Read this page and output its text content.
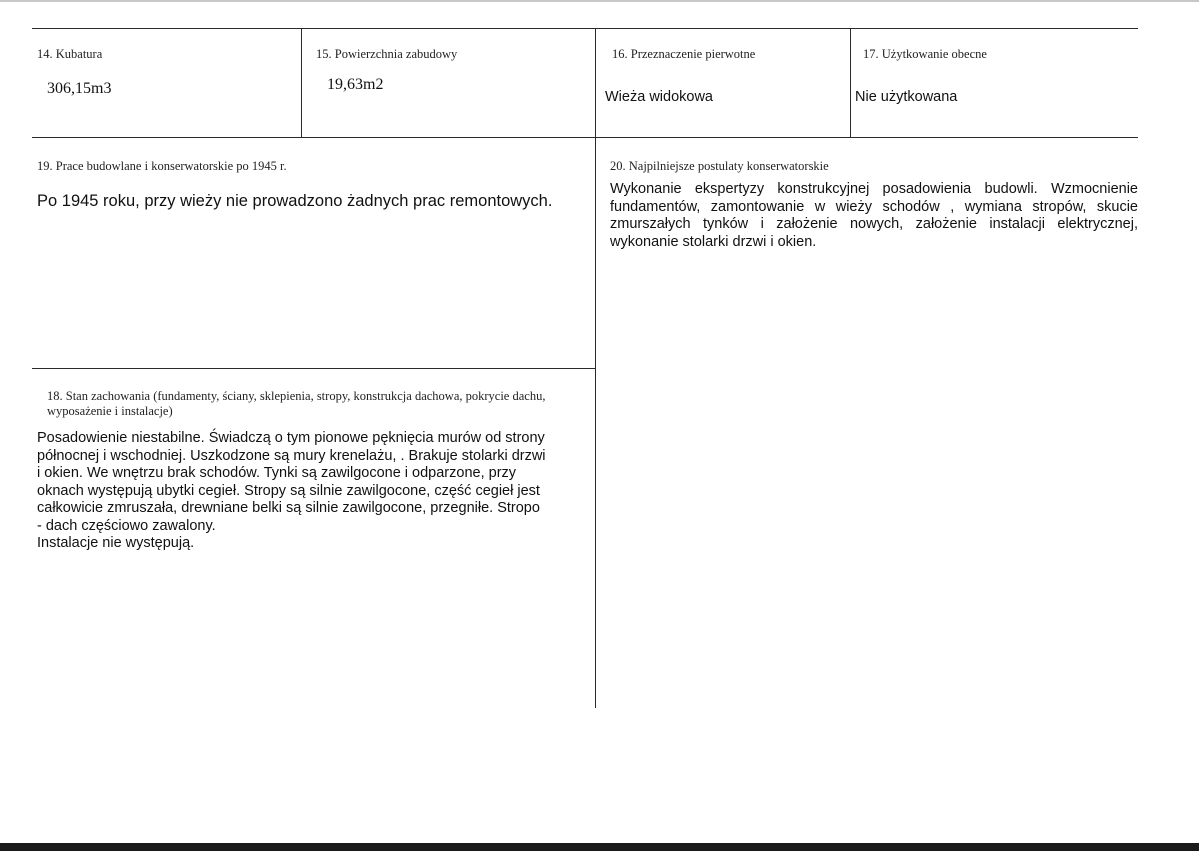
14. Kubatura
306,15m3
15. Powierzchnia zabudowy
19,63m2
16. Przeznaczenie pierwotne
Wieża widokowa
17. Użytkowanie obecne
Nie użytkowana
19. Prace budowlane i konserwatorskie po 1945 r.
Po 1945 roku, przy wieży nie prowadzono żadnych prac remontowych.
20. Najpilniejsze postulaty konserwatorskie
Wykonanie ekspertyzy konstrukcyjnej posadowienia budowli. Wzmocnienie fundamentów, zamontowanie w wieży schodów , wymiana stropów, skucie zmurszałych tynków i założenie nowych, założenie instalacji elektrycznej, wykonanie stolarki drzwi i okien.
18. Stan zachowania (fundamenty, ściany, sklepienia, stropy, konstrukcja dachowa, pokrycie dachu, wyposażenie i instalacje)
Posadowienie niestabilne. Świadczą o tym pionowe pęknięcia murów od strony
północnej i wschodniej. Uszkodzone są mury krenelażu, . Brakuje stolarki drzwi
i okien. We wnętrzu brak schodów. Tynki są zawilgocone i odparzone, przy
oknach występują ubytki cegieł. Stropy są silnie zawilgocone, część cegieł jest
całkowicie zmruszała, drewniane belki są silnie zawilgocone, przegniłe. Stropo
- dach częściowo zawalony.
Instalacje nie występują.
